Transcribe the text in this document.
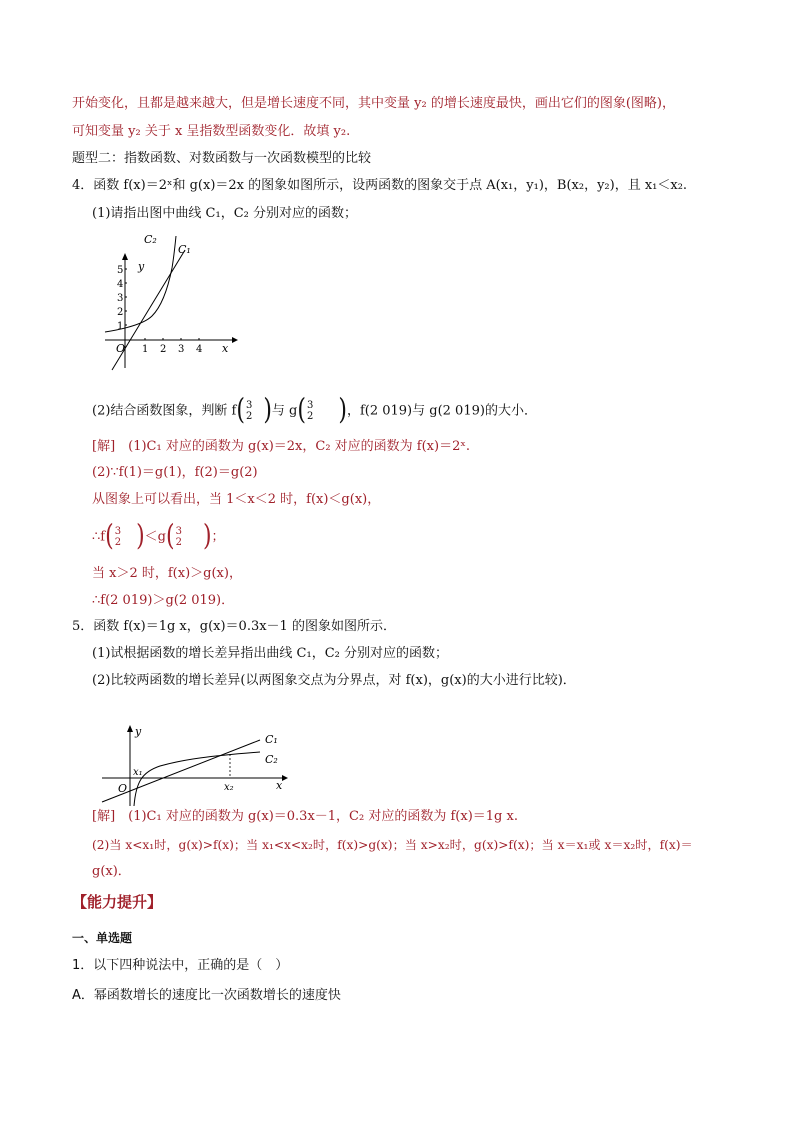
开始变化，且都是越来越大，但是增长速度不同，其中变量 y₂ 的增长速度最快，画出它们的图象(图略)，
可知变量 y₂ 关于 x 呈指数型函数变化．故填 y₂.
题型二：指数函数、对数函数与一次函数模型的比较
4．函数 f(x)＝2ˣ和 g(x)＝2x 的图象如图所示，设两函数的图象交于点 A(x₁，y₁)，B(x₂，y₂)，且 x₁＜x₂.
(1)请指出图中曲线 C₁，C₂ 分别对应的函数；
C₁
C₂
y
x
O 1 2 3 4
1
2
3
4
5
(2)结合函数图象，判断 f( 3
2 )与 g( 3
2 )，f(2 019)与 g(2 019)的大小．
[解]　(1)C₁ 对应的函数为 g(x)＝2x，C₂ 对应的函数为 f(x)＝2ˣ.
(2)∵f(1)＝g(1)，f(2)＝g(2)
从图象上可以看出，当 1＜x＜2 时，f(x)＜g(x)，
∴f( 3
2 )＜g( 3
2 )；
当 x＞2 时，f(x)＞g(x)，
∴f(2 019)＞g(2 019)．
5．函数 f(x)＝1g x，g(x)＝0.3x－1 的图象如图所示．
(1)试根据函数的增长差异指出曲线 C₁，C₂ 分别对应的函数；
(2)比较两函数的增长差异(以两图象交点为分界点，对 f(x)，g(x)的大小进行比较)．
C₁
C₂
y
x
O
x₁
x₂
[解]　(1)C₁ 对应的函数为 g(x)＝0.3x－1，C₂ 对应的函数为 f(x)＝1g x.
(2)当 x<x₁时，g(x)>f(x)；当 x₁<x<x₂时，f(x)>g(x)；当 x>x₂时，g(x)>f(x)；当 x＝x₁或 x＝x₂时，f(x)＝
g(x)．
【能力提升】
一、单选题
1．以下四种说法中，正确的是（　）
A．幂函数增长的速度比一次函数增长的速度快
